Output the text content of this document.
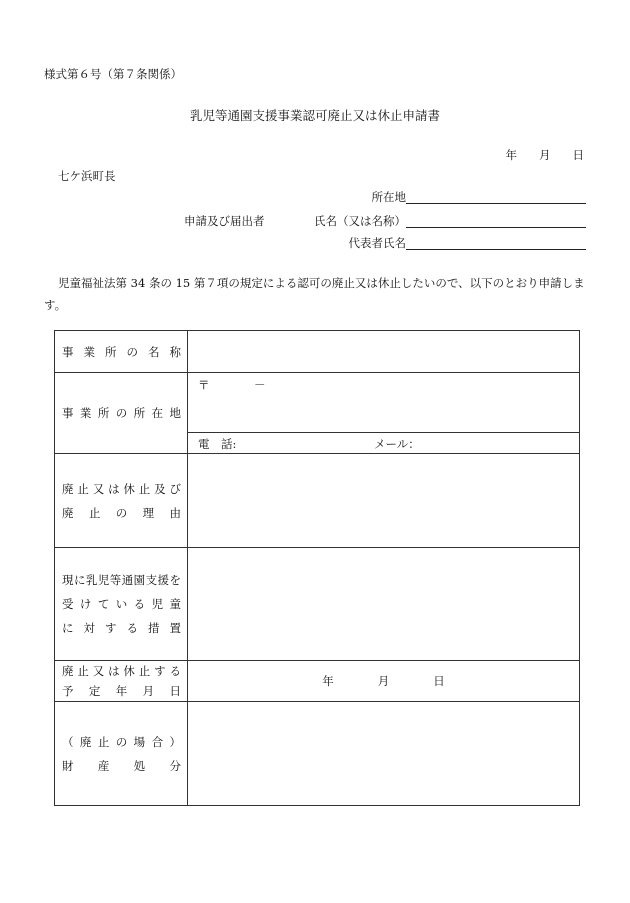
様式第６号（第７条関係）
乳児等通園支援事業認可廃止又は休止申請書
年 月 日
七ケ浜町長
所在地
申請及び届出者	氏名（又は名称）
代表者氏名
児童福祉法第 34 条の 15 第７項の規定による認可の廃止又は休止したいので、以下のとおり申請します。
事業所の名称	

事業所の所在地	〒 －

	電　話: メール：

廃止又は休止及び
廃止の理由	

現に乳児等通園支援を
受けている児童
に対する措置	

廃止又は休止する
予定年月日	年 月 日

（廃止の場合）
財産処分	
